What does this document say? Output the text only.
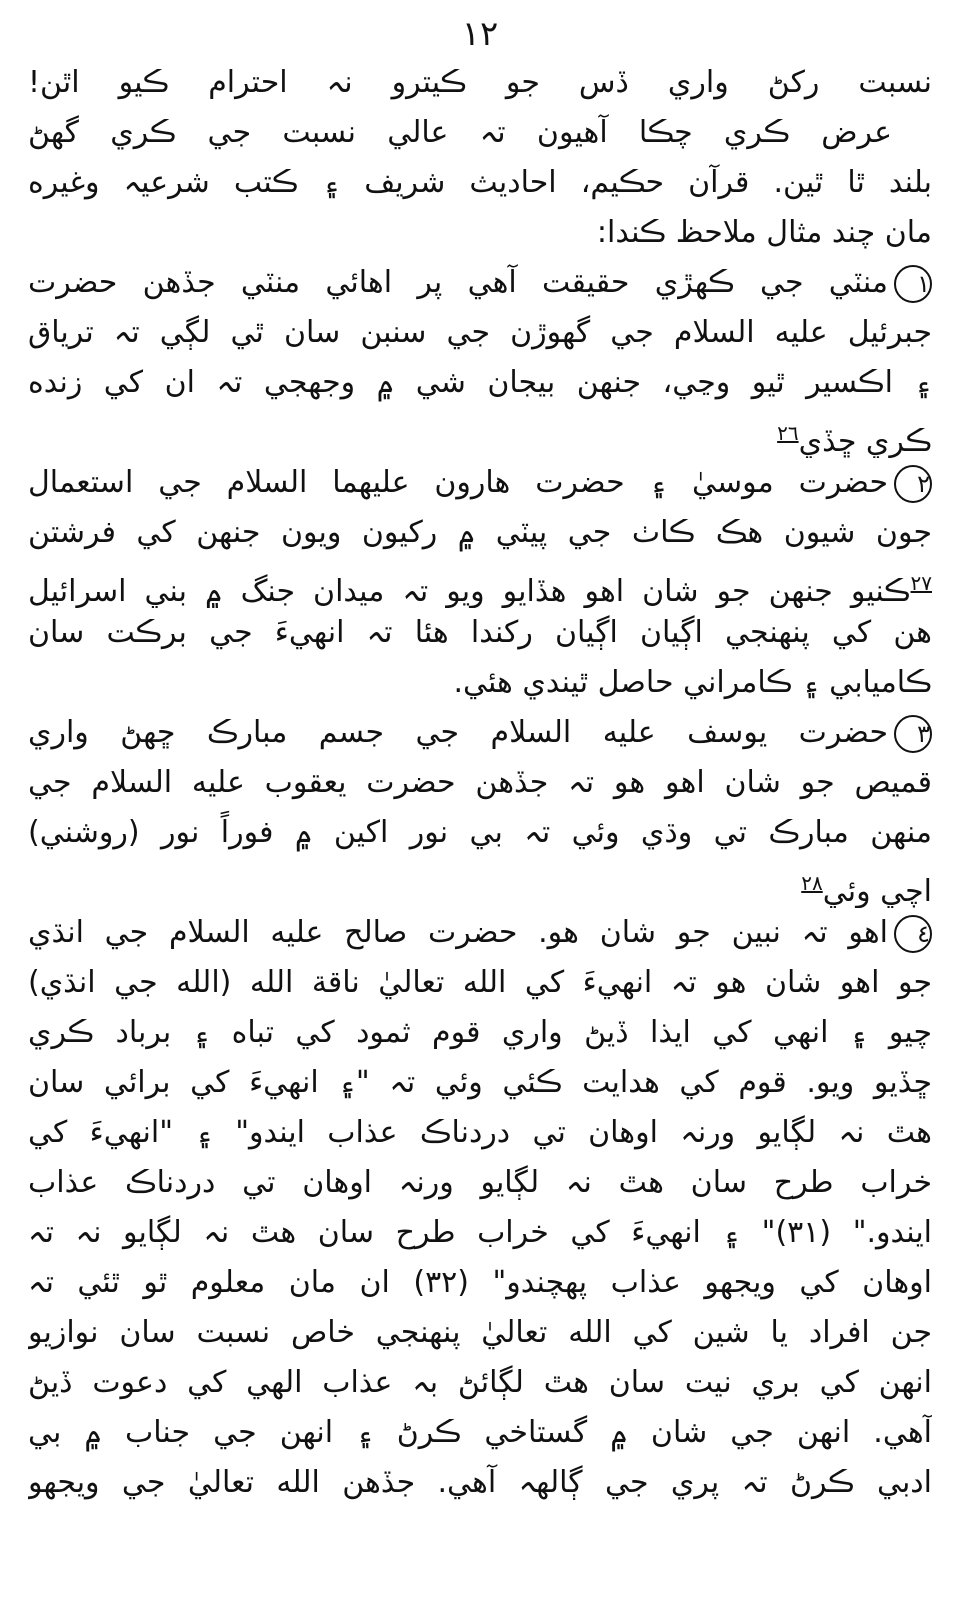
١٢

نسبت رکڻ واري ڏس جو ڪيترو نہ احترام ڪيو اٿن!

عرض ڪري چڪا آهيون تہ عالي نسبت جي ڪري گهڻ

بلند ٿا ٿين. قرآن حڪيم، احاديث شريف ۽ ڪتب شرعيہ وغيره

مان چند مثال ملاحظ ڪندا:

١منٽي جي ڪهڙي حقيقت آهي پر اهائي منٽي جڏهن حضرت

جبرئيل عليه السلام جي گهوڙن جي سنبن سان ٿي لڳي تہ ترياق

۽ اڪسير ٿيو وڃي، جنهن بيجان شي ۾ وجهجي تہ ان کي زنده

ڪري ڇڏي$^{٢٦}$

٢حضرت موسيٰ ۽ حضرت هارون عليهما السلام جي استعمال

جون شيون هڪ ڪاٺ جي پيٽي ۾ رکيون ويون جنهن کي فرشتن

$^{٢٧}$ڪنيو جنهن جو شان اهو هڏايو ويو تہ ميدان جنگ ۾ بني اسرائيل

هن کي پنهنجي اڳيان اڳيان رکندا هئا تہ انهيءَ جي برڪت سان

ڪاميابي ۽ ڪامراني حاصل ٿيندي هئي.

٣حضرت يوسف عليه السلام جي جسم مبارڪ ڇهڻ واري

قميص جو شان اهو هو تہ جڏهن حضرت يعقوب عليه السلام جي

منهن مبارڪ تي وڌي وئي تہ بي نور اکين ۾ فوراً نور (روشني)

اچي وئي$^{٢٨}$

٤اهو تہ نبين جو شان هو. حضرت صالح عليه السلام جي انڌي

جو اهو شان هو تہ انهيءَ کي الله تعاليٰ ناقة الله (الله جي انڌي)

چيو ۽ انهي کي ايذا ڏيڻ واري قوم ثمود کي تباه ۽ برباد ڪري

ڇڏيو ويو. قوم کي هدايت ڪئي وئي تہ "۽ انهيءَ کي برائي سان

هٿ نہ لڳايو ورنہ اوهان تي دردناڪ عذاب ايندو" ۽ "انهيءَ کي

خراب طرح سان هٿ نہ لڳايو ورنہ اوهان تي دردناڪ عذاب

ايندو." (٣١)" ۽ انهيءَ کي خراب طرح سان هٿ نہ لڳايو نہ تہ

اوهان کي ويجهو عذاب پهچندو" (٣٢) ان مان معلوم ٿو ٿئي تہ

جن افراد يا شين کي الله تعاليٰ پنهنجي خاص نسبت سان نوازيو

انهن کي بري نيت سان هٿ لڳائڻ بہ عذاب الهي کي دعوت ڏيڻ

آهي. انهن جي شان ۾ گستاخي ڪرڻ ۽ انهن جي جناب ۾ بي

ادبي ڪرڻ تہ پري جي ڳالهہ آهي. جڏهن الله تعاليٰ جي ويجهو
